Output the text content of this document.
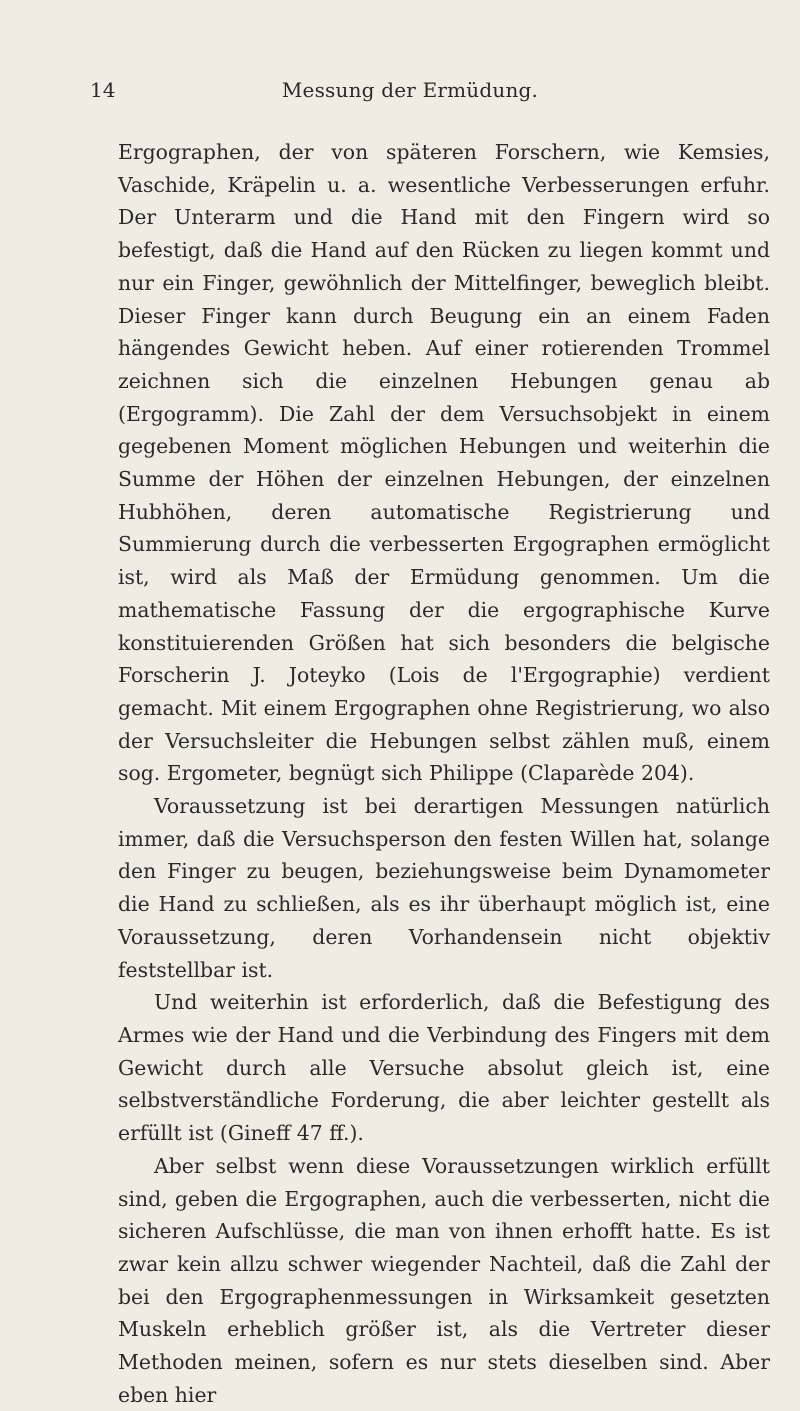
14	Messung der Ermüdung.

Ergographen, der von späteren Forschern, wie Kemsies, Vaschide, Kräpelin u. a. wesentliche Verbesserungen erfuhr. Der Unterarm und die Hand mit den Fingern wird so befestigt, daß die Hand auf den Rücken zu liegen kommt und nur ein Finger, gewöhnlich der Mittelfinger, beweglich bleibt. Dieser Finger kann durch Beugung ein an einem Faden hängendes Gewicht heben. Auf einer rotierenden Trommel zeichnen sich die einzelnen Hebungen genau ab (Ergogramm). Die Zahl der dem Versuchsobjekt in einem gegebenen Moment möglichen Hebungen und weiterhin die Summe der Höhen der einzelnen Hebungen, der einzelnen Hubhöhen, deren automatische Registrierung und Summierung durch die verbesserten Ergographen ermöglicht ist, wird als Maß der Ermüdung genommen. Um die mathematische Fassung der die ergographische Kurve konstituierenden Größen hat sich besonders die belgische Forscherin J. Joteyko (Lois de l'Ergographie) verdient gemacht. Mit einem Ergographen ohne Registrierung, wo also der Versuchsleiter die Hebungen selbst zählen muß, einem sog. Ergometer, begnügt sich Philippe (Claparède 204).

Voraussetzung ist bei derartigen Messungen natürlich immer, daß die Versuchsperson den festen Willen hat, solange den Finger zu beugen, beziehungsweise beim Dynamometer die Hand zu schließen, als es ihr überhaupt möglich ist, eine Voraussetzung, deren Vorhandensein nicht objektiv feststellbar ist.

Und weiterhin ist erforderlich, daß die Befestigung des Armes wie der Hand und die Verbindung des Fingers mit dem Gewicht durch alle Versuche absolut gleich ist, eine selbstverständliche Forderung, die aber leichter gestellt als erfüllt ist (Gineff 47 ff.).

Aber selbst wenn diese Voraussetzungen wirklich erfüllt sind, geben die Ergographen, auch die verbesserten, nicht die sicheren Aufschlüsse, die man von ihnen erhofft hatte. Es ist zwar kein allzu schwer wiegender Nachteil, daß die Zahl der bei den Ergographenmessungen in Wirksamkeit gesetzten Muskeln erheblich größer ist, als die Vertreter dieser Methoden meinen, sofern es nur stets dieselben sind. Aber eben hier
